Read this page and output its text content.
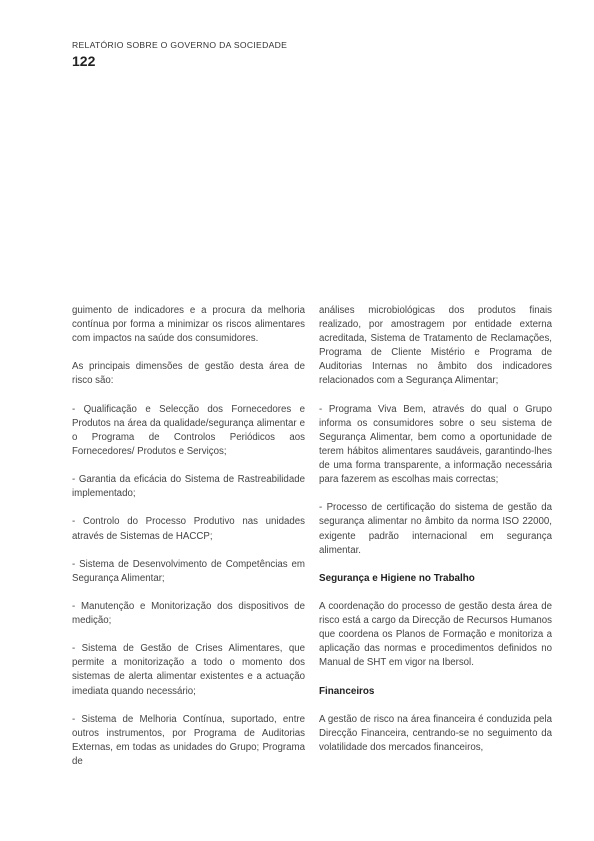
RELATÓRIO SOBRE O GOVERNO DA SOCIEDADE
122

guimento de indicadores e a procura da melhoria contínua por forma a minimizar os riscos alimentares com impactos na saúde dos consumidores.

As principais dimensões de gestão desta área de risco são:

- Qualificação e Selecção dos Fornecedores e Produtos na área da qualidade/segurança alimentar e o Programa de Controlos Periódicos aos Fornecedores/ Produtos e Serviços;

- Garantia da eficácia do Sistema de Rastreabilidade implementado;

- Controlo do Processo Produtivo nas unidades através de Sistemas de HACCP;

- Sistema de Desenvolvimento de Competências em Segurança Alimentar;

- Manutenção e Monitorização dos dispositivos de medição;

- Sistema de Gestão de Crises Alimentares, que permite a monitorização a todo o momento dos sistemas de alerta alimentar existentes e a actuação imediata quando necessário;

- Sistema de Melhoria Contínua, suportado, entre outros instrumentos, por Programa de Auditorias Externas, em todas as unidades do Grupo; Programa de

análises microbiológicas dos produtos finais realizado, por amostragem por entidade externa acreditada, Sistema de Tratamento de Reclamações, Programa de Cliente Mistério e Programa de Auditorias Internas no âmbito dos indicadores relacionados com a Segurança Alimentar;

- Programa Viva Bem, através do qual o Grupo informa os consumidores sobre o seu sistema de Segurança Alimentar, bem como a oportunidade de terem hábitos alimentares saudáveis, garantindo-lhes de uma forma transparente, a informação necessária para fazerem as escolhas mais correctas;

- Processo de certificação do sistema de gestão da segurança alimentar no âmbito da norma ISO 22000, exigente padrão internacional em segurança alimentar.

Segurança e Higiene no Trabalho

A coordenação do processo de gestão desta área de risco está a cargo da Direcção de Recursos Humanos que coordena os Planos de Formação e monitoriza a aplicação das normas e procedimentos definidos no Manual de SHT em vigor na Ibersol.

Financeiros

A gestão de risco na área financeira é conduzida pela Direcção Financeira, centrando-se no seguimento da volatilidade dos mercados financeiros,
